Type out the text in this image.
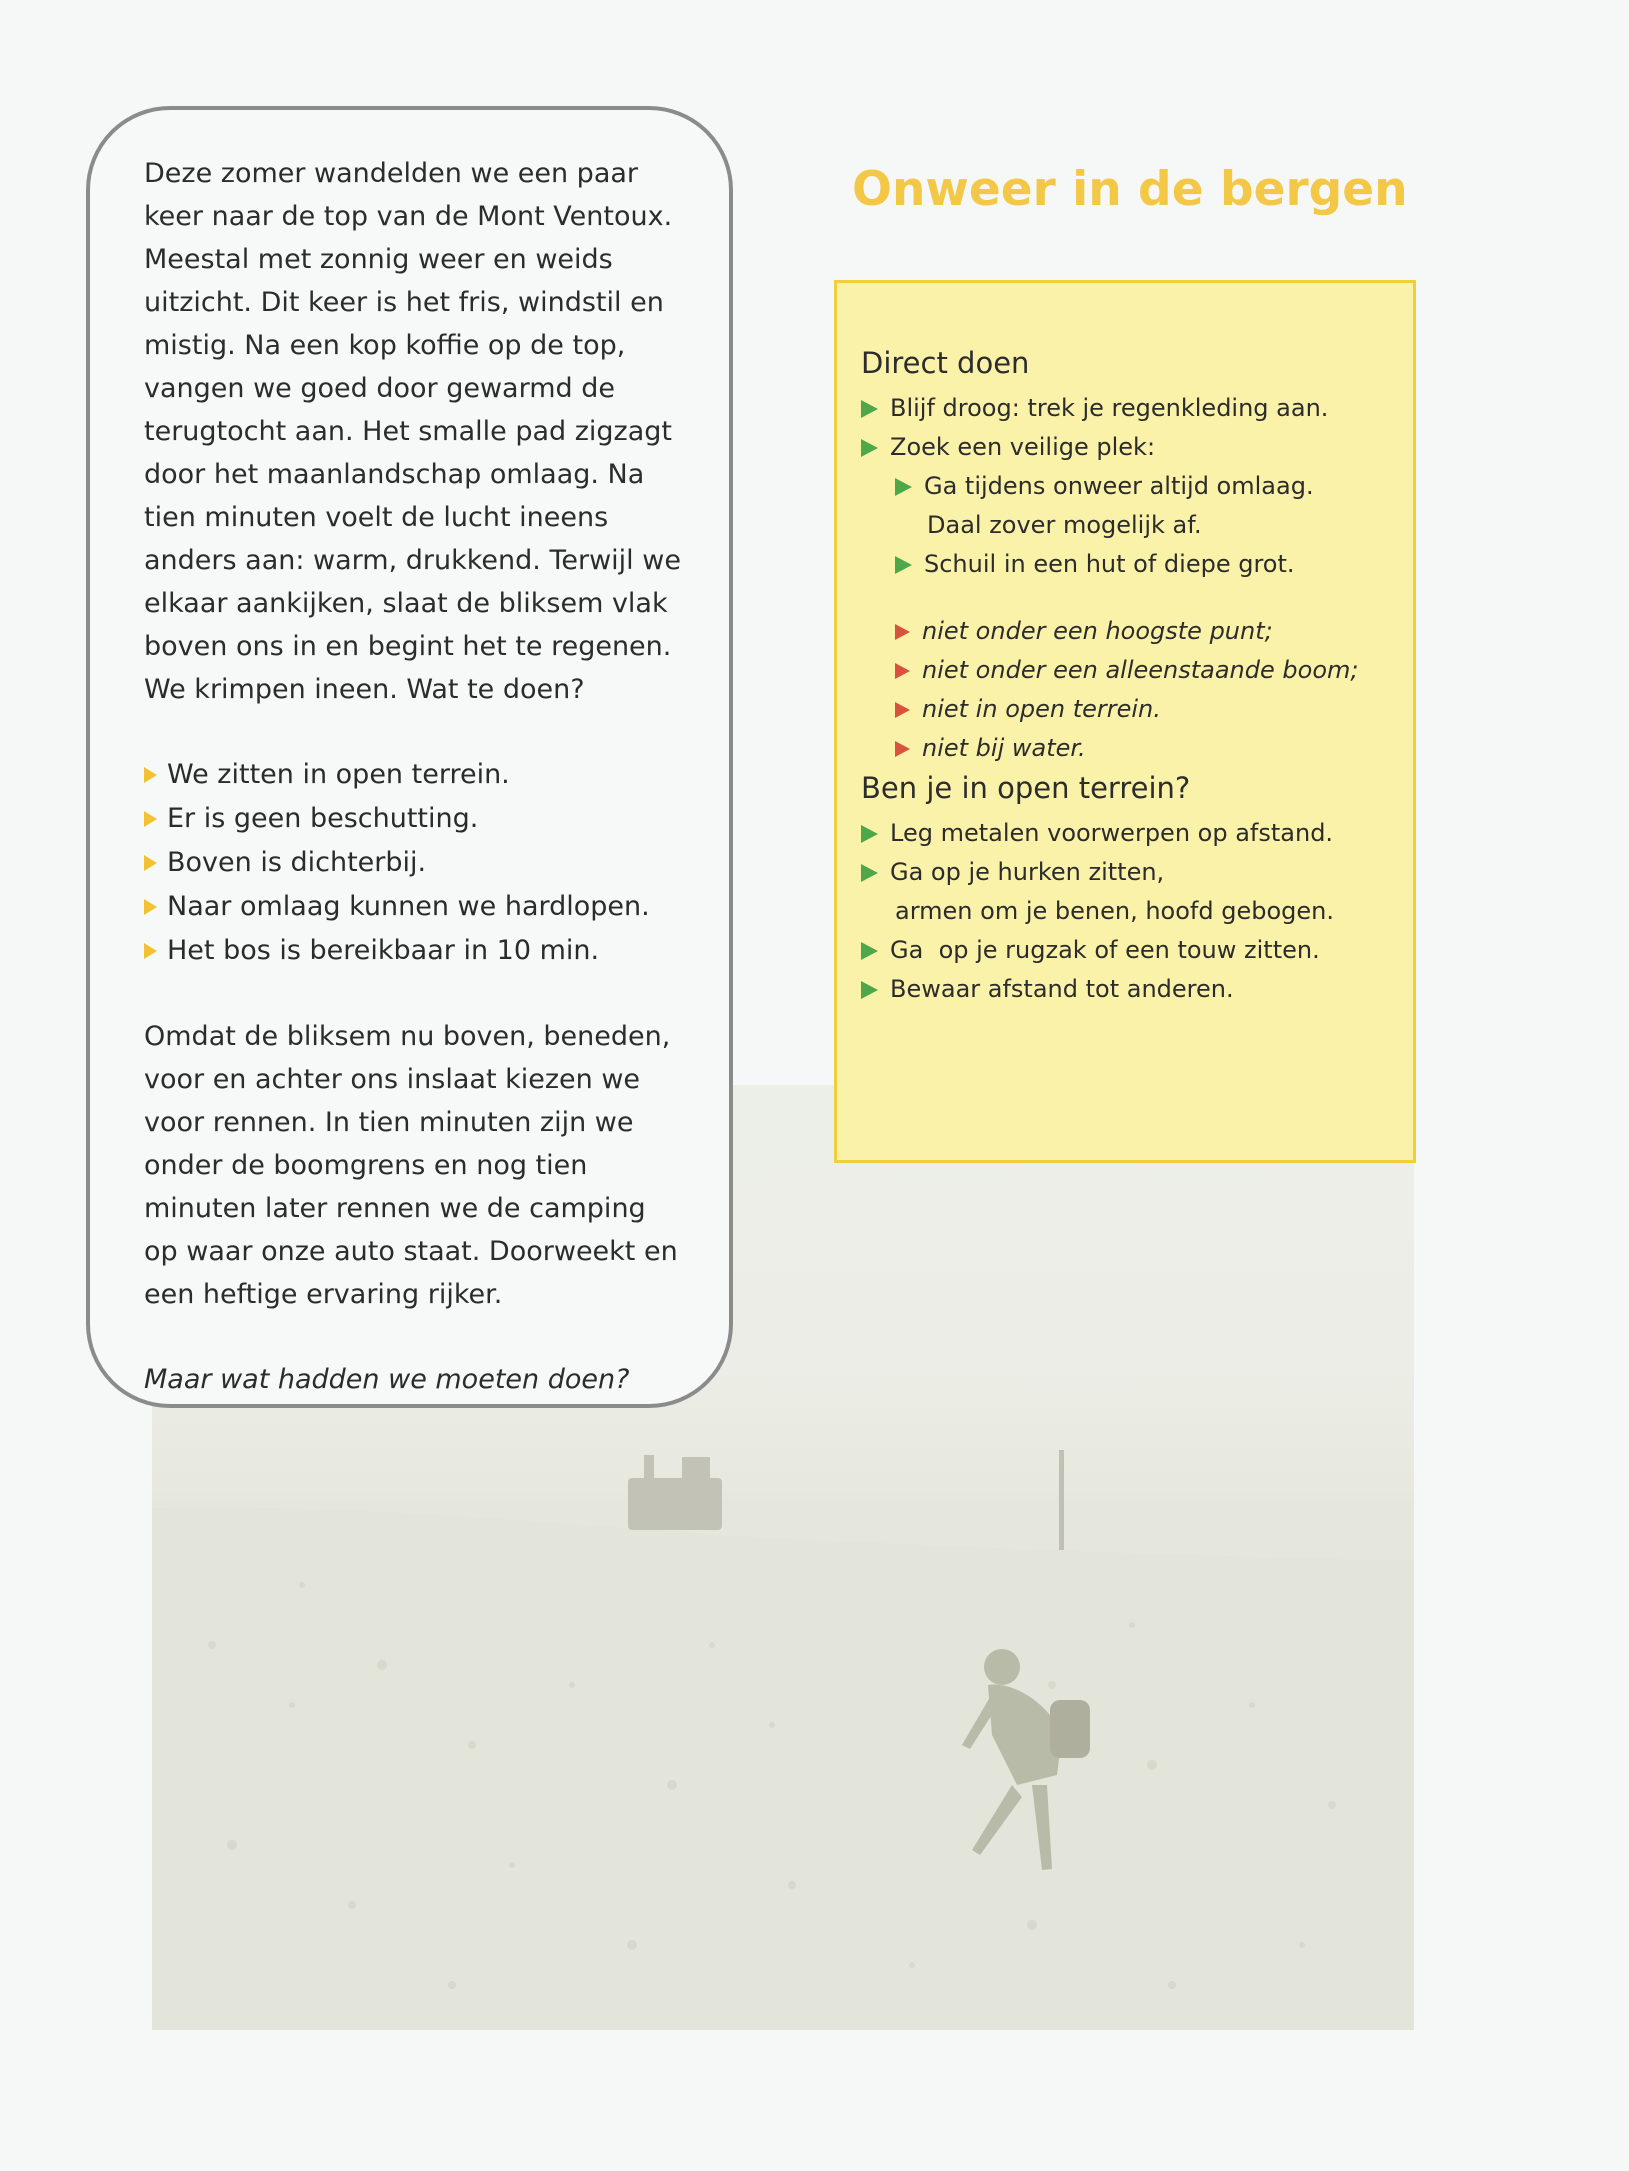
Deze zomer wandelden we een paar keer naar de top van de Mont Ventoux. Meestal met zonnig weer en weids uitzicht. Dit keer is het fris, windstil en mistig. Na een kop koffie op de top, vangen we goed door gewarmd de terugtocht aan. Het smalle pad zigzagt door het maanlandschap omlaag. Na tien minuten voelt de lucht ineens anders aan: warm, drukkend. Terwijl we elkaar aankijken, slaat de bliksem vlak boven ons in en begint het te regenen. We krimpen ineen. Wat te doen?

We zitten in open terrein.
Er is geen beschutting.
Boven is dichterbij.
Naar omlaag kunnen we hardlopen.
Het bos is bereikbaar in 10 min.

Omdat de bliksem nu boven, beneden, voor en achter ons inslaat kiezen we voor rennen. In tien minuten zijn we onder de boomgrens en nog tien minuten later rennen we de camping op waar onze auto staat. Doorweekt en een heftige ervaring rijker.

Maar wat hadden we moeten doen?

Onweer in de bergen
Direct doen
Blijf droog: trek je regenkleding aan.
Zoek een veilige plek:
Ga tijdens onweer altijd omlaag.
Daal zover mogelijk af.
Schuil in een hut of diepe grot.
niet onder een hoogste punt;
niet onder een alleenstaande boom;
niet in open terrein.
niet bij water.
Ben je in open terrein?
Leg metalen voorwerpen op afstand.
Ga op je hurken zitten,
armen om je benen, hoofd gebogen.
Ga  op je rugzak of een touw zitten.
Bewaar afstand tot anderen.
